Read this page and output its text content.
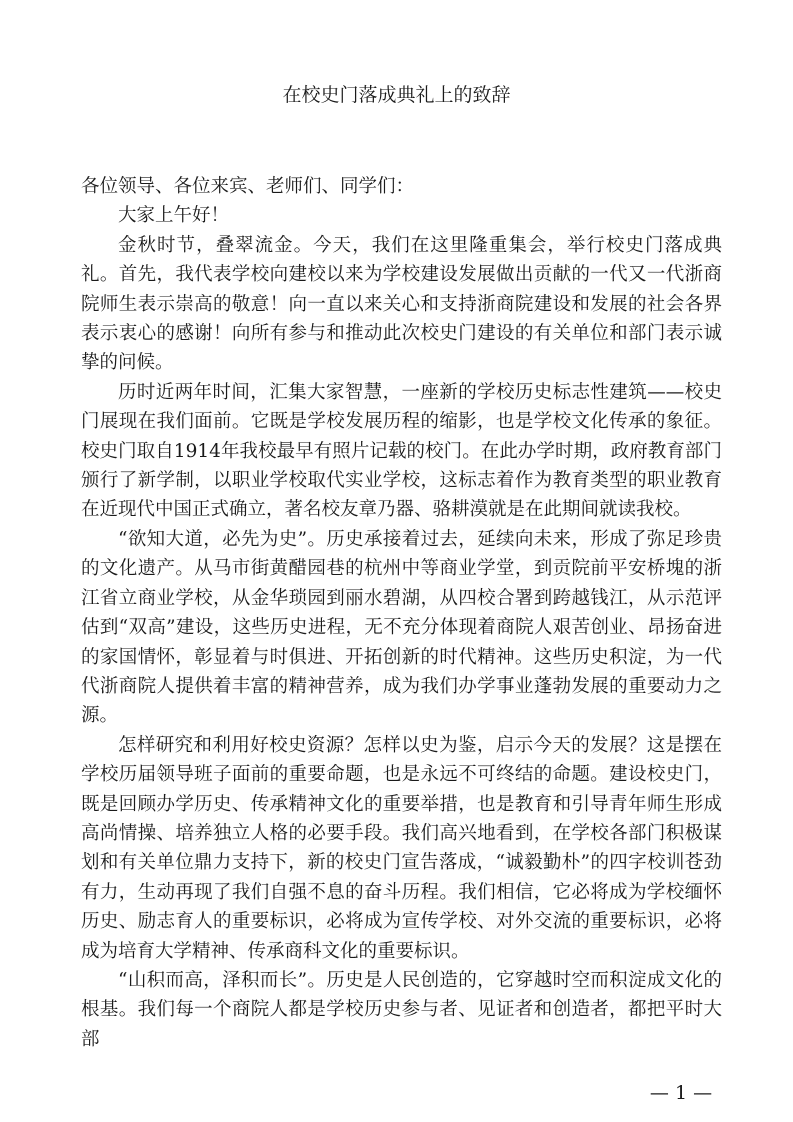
在校史门落成典礼上的致辞

各位领导、各位来宾、老师们、同学们：

大家上午好！

金秋时节，叠翠流金。今天，我们在这里隆重集会，举行校史门落成典礼。首先，我代表学校向建校以来为学校建设发展做出贡献的一代又一代浙商院师生表示崇高的敬意！向一直以来关心和支持浙商院建设和发展的社会各界表示衷心的感谢！向所有参与和推动此次校史门建设的有关单位和部门表示诚挚的问候。

历时近两年时间，汇集大家智慧，一座新的学校历史标志性建筑——校史门展现在我们面前。它既是学校发展历程的缩影，也是学校文化传承的象征。校史门取自1914年我校最早有照片记载的校门。在此办学时期，政府教育部门颁行了新学制，以职业学校取代实业学校，这标志着作为教育类型的职业教育在近现代中国正式确立，著名校友章乃器、骆耕漠就是在此期间就读我校。

“欲知大道，必先为史”。历史承接着过去，延续向未来，形成了弥足珍贵的文化遗产。从马市街黄醋园巷的杭州中等商业学堂，到贡院前平安桥塊的浙江省立商业学校，从金华琐园到丽水碧湖，从四校合署到跨越钱江，从示范评估到“双高”建设，这些历史进程，无不充分体现着商院人艰苦创业、昂扬奋进的家国情怀，彰显着与时俱进、开拓创新的时代精神。这些历史积淀，为一代代浙商院人提供着丰富的精神营养，成为我们办学事业蓬勃发展的重要动力之源。

怎样研究和利用好校史资源？怎样以史为鉴，启示今天的发展？这是摆在学校历届领导班子面前的重要命题，也是永远不可终结的命题。建设校史门，既是回顾办学历史、传承精神文化的重要举措，也是教育和引导青年师生形成高尚情操、培养独立人格的必要手段。我们高兴地看到，在学校各部门积极谋划和有关单位鼎力支持下，新的校史门宣告落成，“诚毅勤朴”的四字校训苍劲有力，生动再现了我们自强不息的奋斗历程。我们相信，它必将成为学校缅怀历史、励志育人的重要标识，必将成为宣传学校、对外交流的重要标识，必将成为培育大学精神、传承商科文化的重要标识。

“山积而高，泽积而长”。历史是人民创造的，它穿越时空而积淀成文化的根基。我们每一个商院人都是学校历史参与者、见证者和创造者，都把平时大部

— 1 —
